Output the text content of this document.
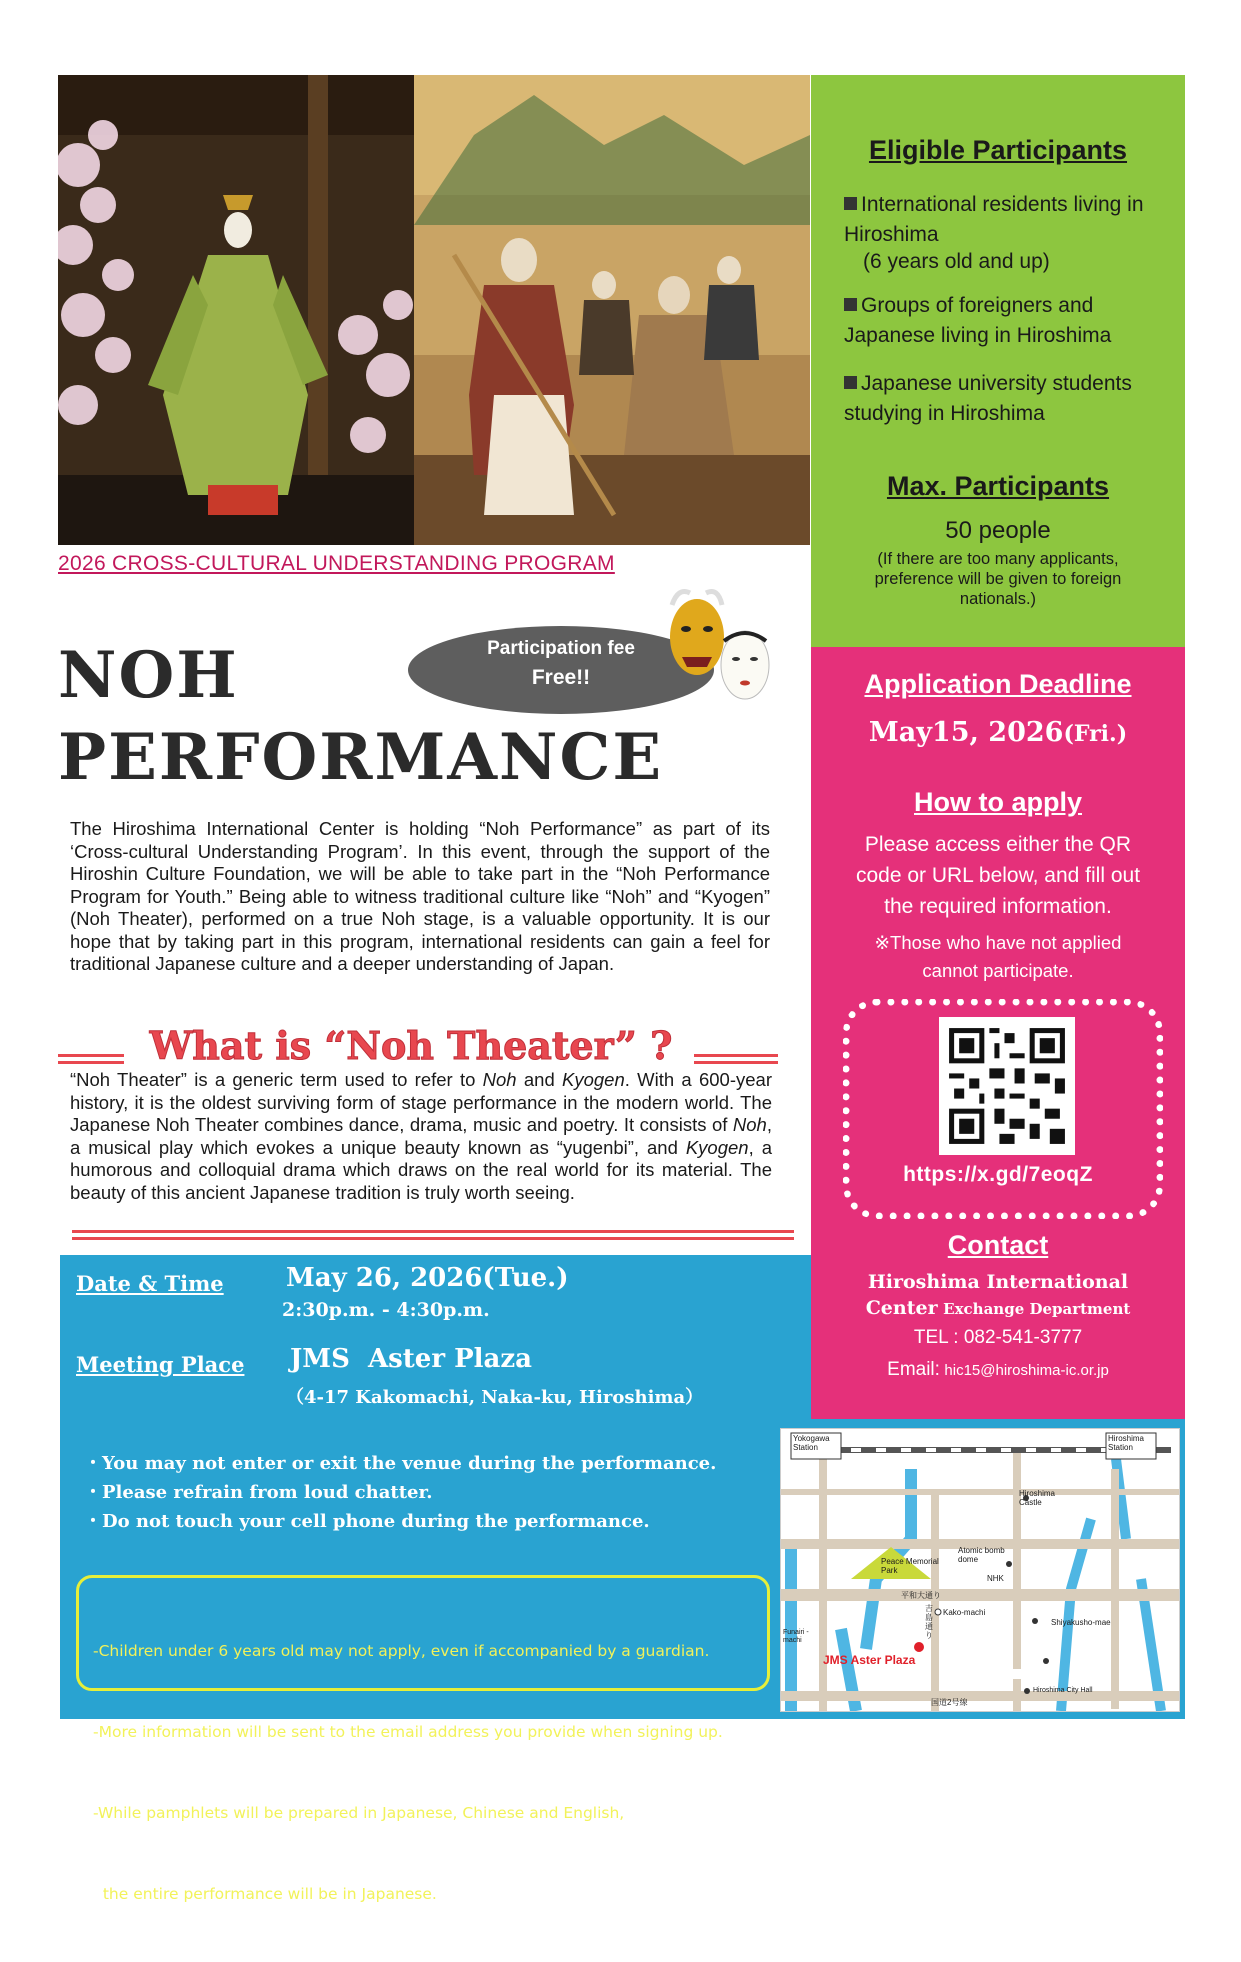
2026 CROSS-CULTURAL UNDERSTANDING PROGRAM
NOH
PERFORMANCE
Participation fee
Free!!
The Hiroshima International Center is holding “Noh Performance” as part of its ‘Cross-cultural Understanding Program’. In this event, through the support of the Hiroshin Culture Foundation, we will be able to take part in the “Noh Performance Program for Youth.” Being able to witness traditional culture like “Noh” and “Kyogen” (Noh Theater), performed on a true Noh stage, is a valuable opportunity. It is our hope that by taking part in this program, international residents can gain a feel for traditional Japanese culture and a deeper understanding of Japan.
What is “Noh Theater” ?
“Noh Theater” is a generic term used to refer to Noh and Kyogen. With a 600-year history, it is the oldest surviving form of stage performance in the modern world. The Japanese Noh Theater combines dance, drama, music and poetry. It consists of Noh, a musical play which evokes a unique beauty known as “yugenbi”, and Kyogen, a humorous and colloquial drama which draws on the real world for its material. The beauty of this ancient Japanese tradition is truly worth seeing.
Eligible Participants
International residents living in Hiroshima
(6 years old and up)
Groups of foreigners and Japanese living in Hiroshima
Japanese university students studying in Hiroshima
Max. Participants
50 people
(If there are too many applicants, preference will be given to foreign nationals.)
Application Deadline
May15, 2026(Fri.)
How to apply
Please access either the QR code or URL below, and fill out the required information.
※Those who have not applied cannot participate.
https://x.gd/7eoqZ
Contact
Hiroshima International
Center Exchange Department
TEL : 082-541-3777
Email: hic15@hiroshima-ic.or.jp
Date & Time May 26, 2026(Tue.)
2:30p.m. - 4:30p.m.
Meeting Place JMS  Aster Plaza
（4-17 Kakomachi, Naka-ku, Hiroshima）
・You may not enter or exit the venue during the performance.
・Please refrain from loud chatter.
・Do not touch your cell phone during the performance.

-Children under 6 years old may not apply, even if accompanied by a guardian.

-More information will be sent to the email address you provide when signing up.

-While pamphlets will be prepared in Japanese, Chinese and English,

the entire performance will be in Japanese.

Yokogawa Station
Hiroshima Station
Hiroshima Castle
Atomic bomb dome
Peace Memorial Park
NHK
平和大通り
Funairi -machi
Kako-machi
Shiyakusho-mae
Hiroshima City Hall
国道2号線
吉島通り
JMS Aster Plaza
